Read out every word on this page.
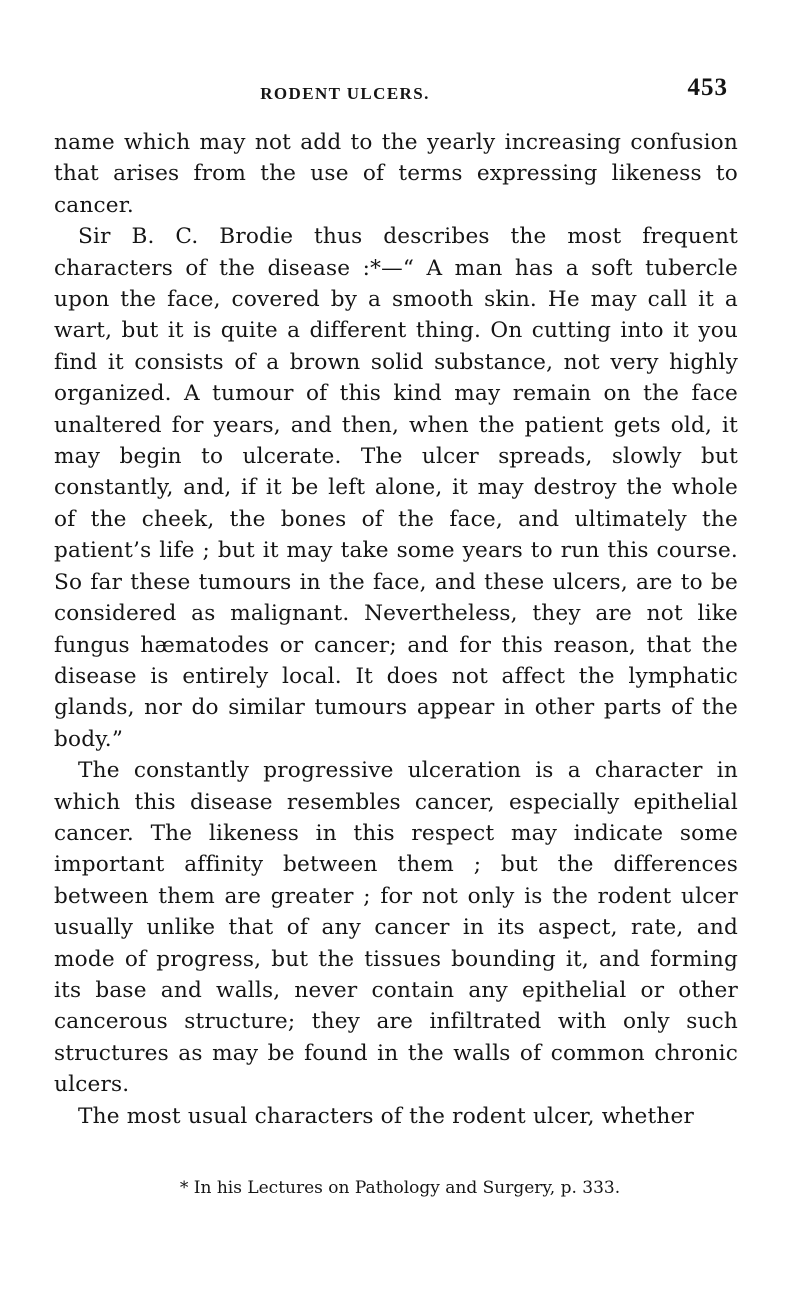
RODENT ULCERS.	453

name which may not add to the yearly increasing confusion that arises from the use of terms expressing likeness to cancer.

Sir B. C. Brodie thus describes the most frequent characters of the disease :*—“ A man has a soft tubercle upon the face, covered by a smooth skin. He may call it a wart, but it is quite a different thing. On cutting into it you find it consists of a brown solid substance, not very highly organized. A tumour of this kind may remain on the face unaltered for years, and then, when the patient gets old, it may begin to ulcerate. The ulcer spreads, slowly but constantly, and, if it be left alone, it may destroy the whole of the cheek, the bones of the face, and ultimately the patient’s life ; but it may take some years to run this course. So far these tumours in the face, and these ulcers, are to be considered as malignant. Nevertheless, they are not like fungus hæmatodes or cancer; and for this reason, that the disease is entirely local. It does not affect the lymphatic glands, nor do similar tumours appear in other parts of the body.”

The constantly progressive ulceration is a character in which this disease resembles cancer, especially epithelial cancer. The likeness in this respect may indicate some important affinity between them ; but the differences between them are greater ; for not only is the rodent ulcer usually unlike that of any cancer in its aspect, rate, and mode of progress, but the tissues bounding it, and forming its base and walls, never contain any epithelial or other cancerous structure; they are infiltrated with only such structures as may be found in the walls of common chronic ulcers.

The most usual characters of the rodent ulcer, whether

* In his Lectures on Pathology and Surgery, p. 333.
